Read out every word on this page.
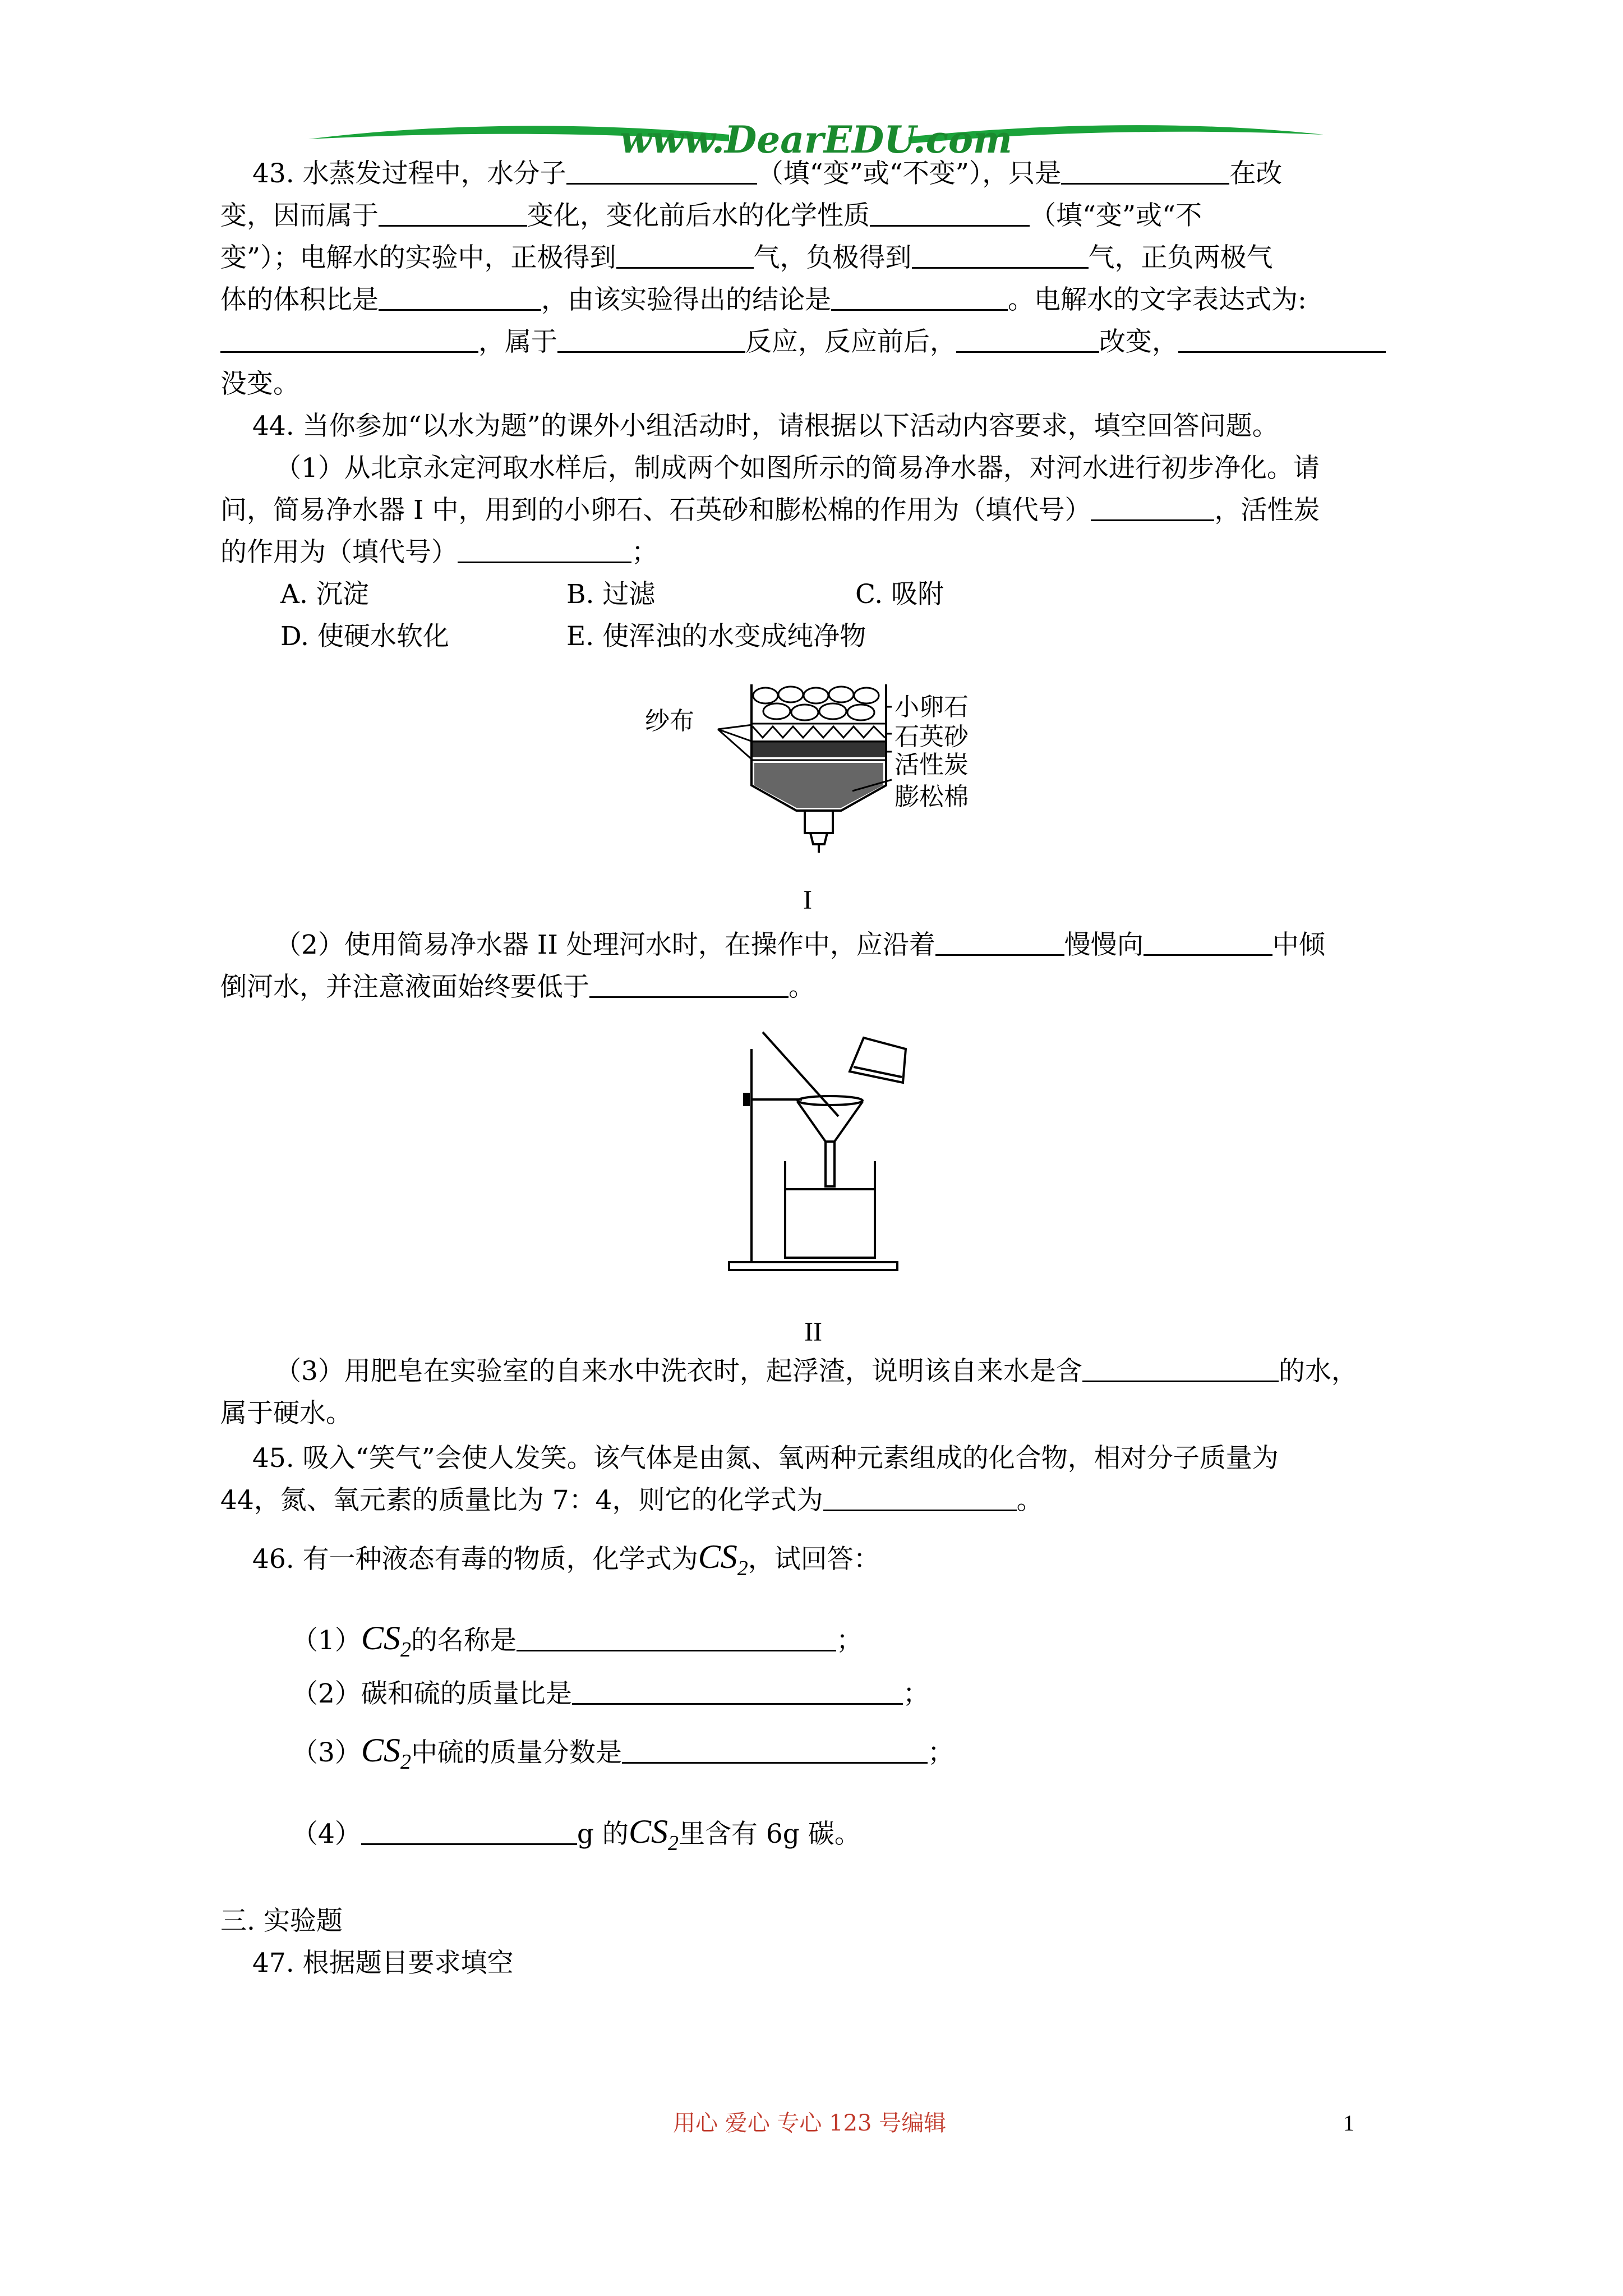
www.DearEDU.com
43. 水蒸发过程中，水分子	（填“变”或“不变”），只是	在改
变，因而属于	变化，变化前后水的化学性质	（填“变”或“不
变”）；电解水的实验中，正极得到	气，负极得到	气，正负两极气
体的体积比是	，由该实验得出的结论是	。电解水的文字表达式为:
，属于	反应，反应前后，	改变，
没变。
44. 当你参加“以水为题”的课外小组活动时，请根据以下活动内容要求，填空回答问题。
（1）从北京永定河取水样后，制成两个如图所示的简易净水器，对河水进行初步净化。请
问，简易净水器 I 中，用到的小卵石、石英砂和膨松棉的作用为（填代号）	，活性炭
的作用为（填代号）	；
A. 沉淀	B. 过滤	C. 吸附
D. 使硬水软化	E. 使浑浊的水变成纯净物
纱布	小卵石
石英砂
活性炭
膨松棉
I
（2）使用简易净水器 II 处理河水时，在操作中，应沿着	慢慢向	中倾
倒河水，并注意液面始终要低于	。
II
（3）用肥皂在实验室的自来水中洗衣时，起浮渣，说明该自来水是含	的水，
属于硬水。
45. 吸入“笑气”会使人发笑。该气体是由氮、氧两种元素组成的化合物，相对分子质量为
44，氮、氧元素的质量比为 7：4，则它的化学式为	。
46. 有一种液态有毒的物质，化学式为$CS_2$，试回答：
$(1)CS_2$的名称是	；
（2）碳和硫的质量比是	；
$(3)CS_2$中硫的质量分数是	；
（4）	g 的$CS_2$里含有 6g 碳。
三. 实验题
47. 根据题目要求填空
用心 爱心 专心 123 号编辑	1
